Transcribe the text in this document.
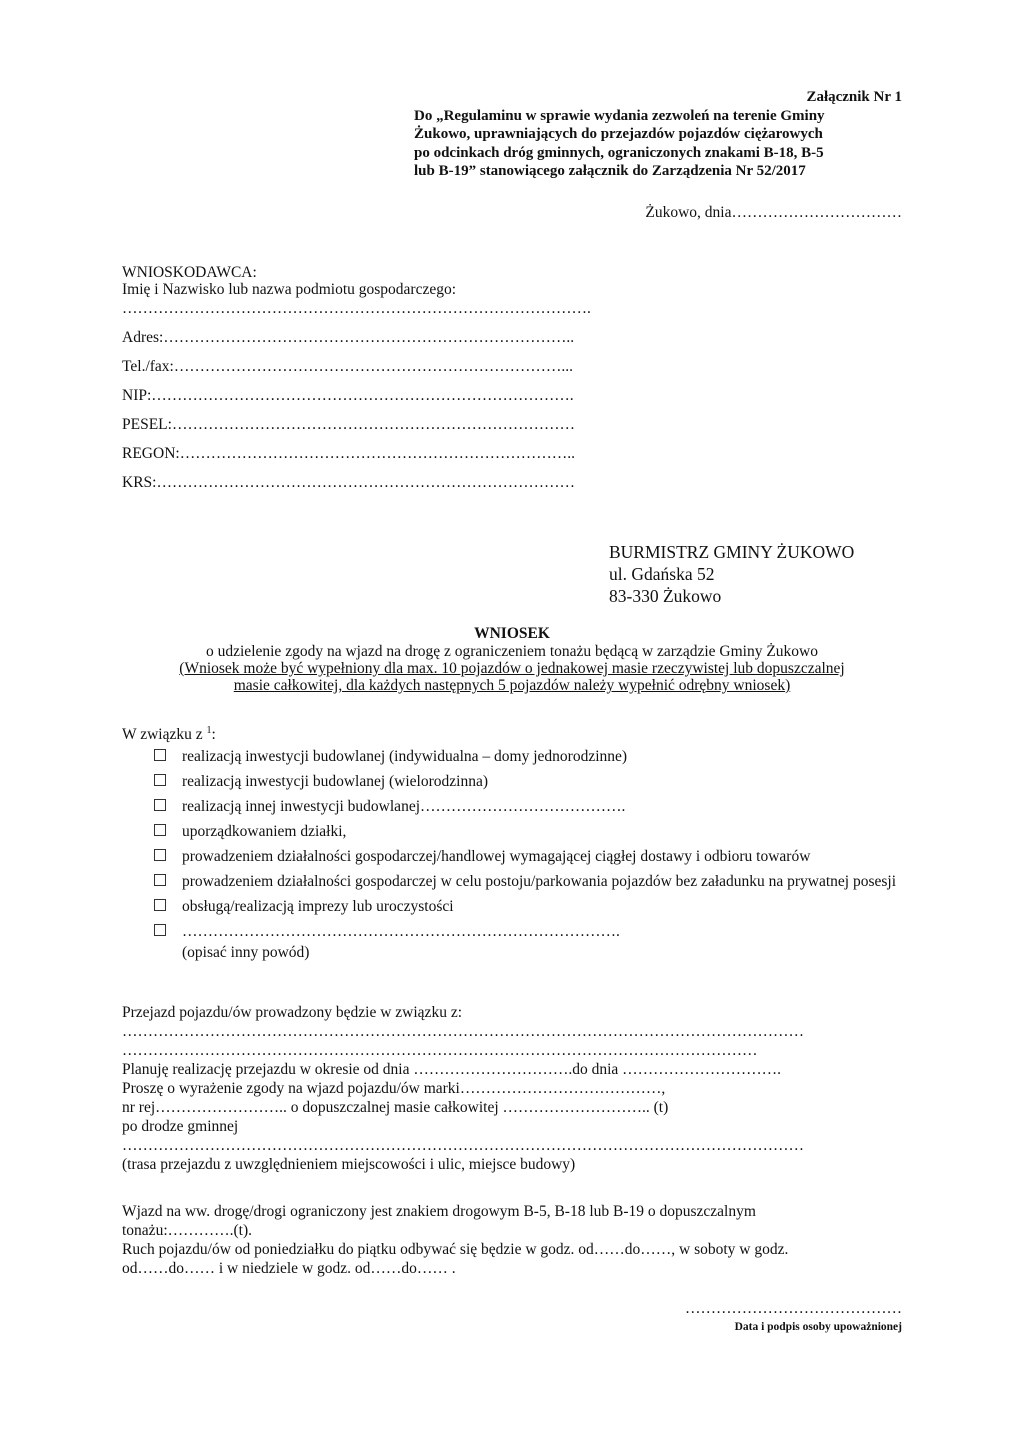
Załącznik Nr 1
Do „Regulaminu w sprawie wydania zezwoleń na terenie Gminy
Żukowo, uprawniających do przejazdów pojazdów ciężarowych
po odcinkach dróg gminnych, ograniczonych znakami B-18, B-5
lub B-19” stanowiącego załącznik do Zarządzenia Nr 52/2017
Żukowo, dnia……………………………
WNIOSKODAWCA:
Imię i Nazwisko lub nazwa podmiotu gospodarczego:
……………………………………………………………………………….
Adres:……………………………………………………………………..
Tel./fax:…………………………………………………………………...
NIP:……………………………………………………………………….
PESEL:……………………………………………………………………
REGON:…………………………………………………………………..
KRS:………………………………………………………………………
BURMISTRZ GMINY ŻUKOWO
ul. Gdańska 52
83-330 Żukowo
WNIOSEK
o udzielenie zgody na wjazd na drogę z ograniczeniem tonażu będącą w zarządzie Gminy Żukowo
(Wniosek może być wypełniony dla max. 10 pojazdów o jednakowej masie rzeczywistej lub dopuszczalnej
masie całkowitej, dla każdych następnych 5 pojazdów należy wypełnić odrębny wniosek)
W związku z $^1$:
realizacją inwestycji budowlanej (indywidualna – domy jednorodzinne)
realizacją inwestycji budowlanej (wielorodzinna)
realizacją innej inwestycji budowlanej………………………………….
uporządkowaniem działki,
prowadzeniem działalności gospodarczej/handlowej wymagającej ciągłej dostawy i odbioru towarów
prowadzeniem działalności gospodarczej w celu postoju/parkowania pojazdów bez załadunku na prywatnej posesji
obsługą/realizacją imprezy lub uroczystości
………………………………………………………………………….
(opisać inny powód)
Przejazd pojazdu/ów prowadzony będzie w związku z:
……………………………………………………………………………………………………………………
……………………………………………………………………………………………………………
Planuję realizację przejazdu w okresie od dnia ………………………….do dnia ………………………….
Proszę o wyrażenie zgody na wjazd pojazdu/ów marki…………………………………,
nr rej…………………….. o dopuszczalnej masie całkowitej ……………………….. (t)
po drodze gminnej
……………………………………………………………………………………………………………………
(trasa przejazdu z uwzględnieniem miejscowości i ulic, miejsce budowy)
Wjazd na ww. drogę/drogi ograniczony jest znakiem drogowym B-5, B-18 lub B-19 o dopuszczalnym
tonażu:………….(t).
Ruch pojazdu/ów od poniedziałku do piątku odbywać się będzie w godz. od……do……, w soboty w godz.
od……do…… i w niedziele w godz. od……do…… .
……………………………………
Data i podpis osoby upoważnionej
